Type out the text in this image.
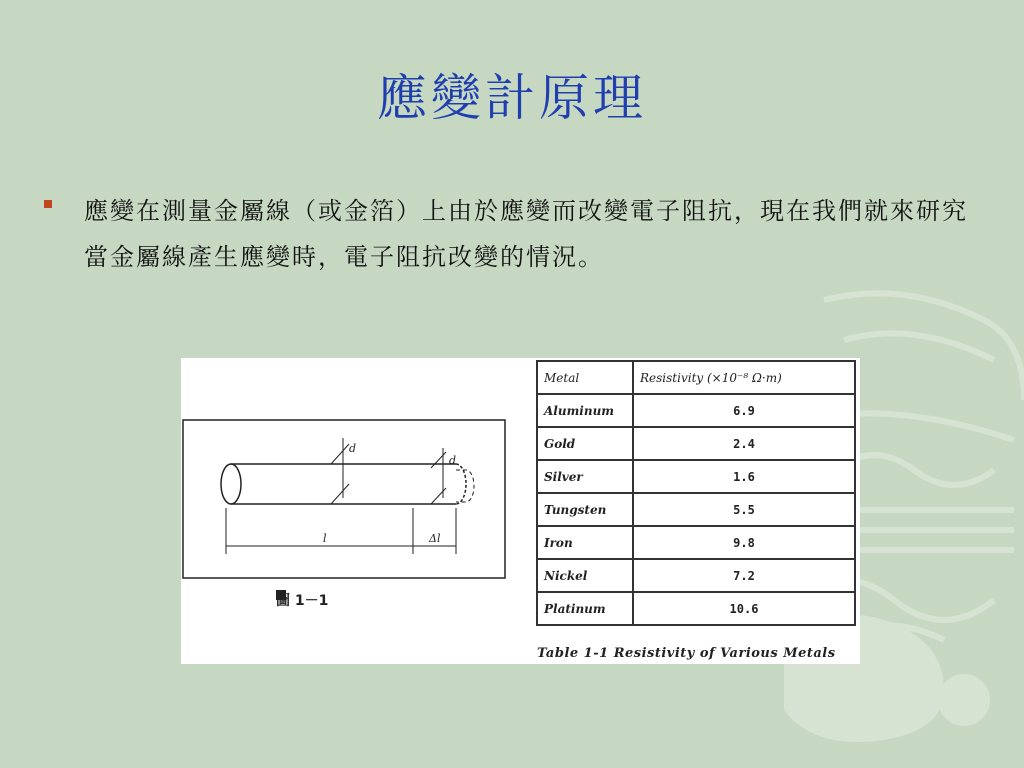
應變計原理
應變在測量金屬線（或金箔）上由於應變而改變電子阻抗，現在我們就來研究當金屬線產生應變時，電子阻抗改變的情況。
d
d
l	Δl
圖 1－1
Metal	Resistivity (×10⁻⁸ Ω·m)
Aluminum	6.9
Gold	2.4
Silver	1.6
Tungsten	5.5
Iron	9.8
Nickel	7.2
Platinum	10.6
Table 1-1 Resistivity of Various Metals
